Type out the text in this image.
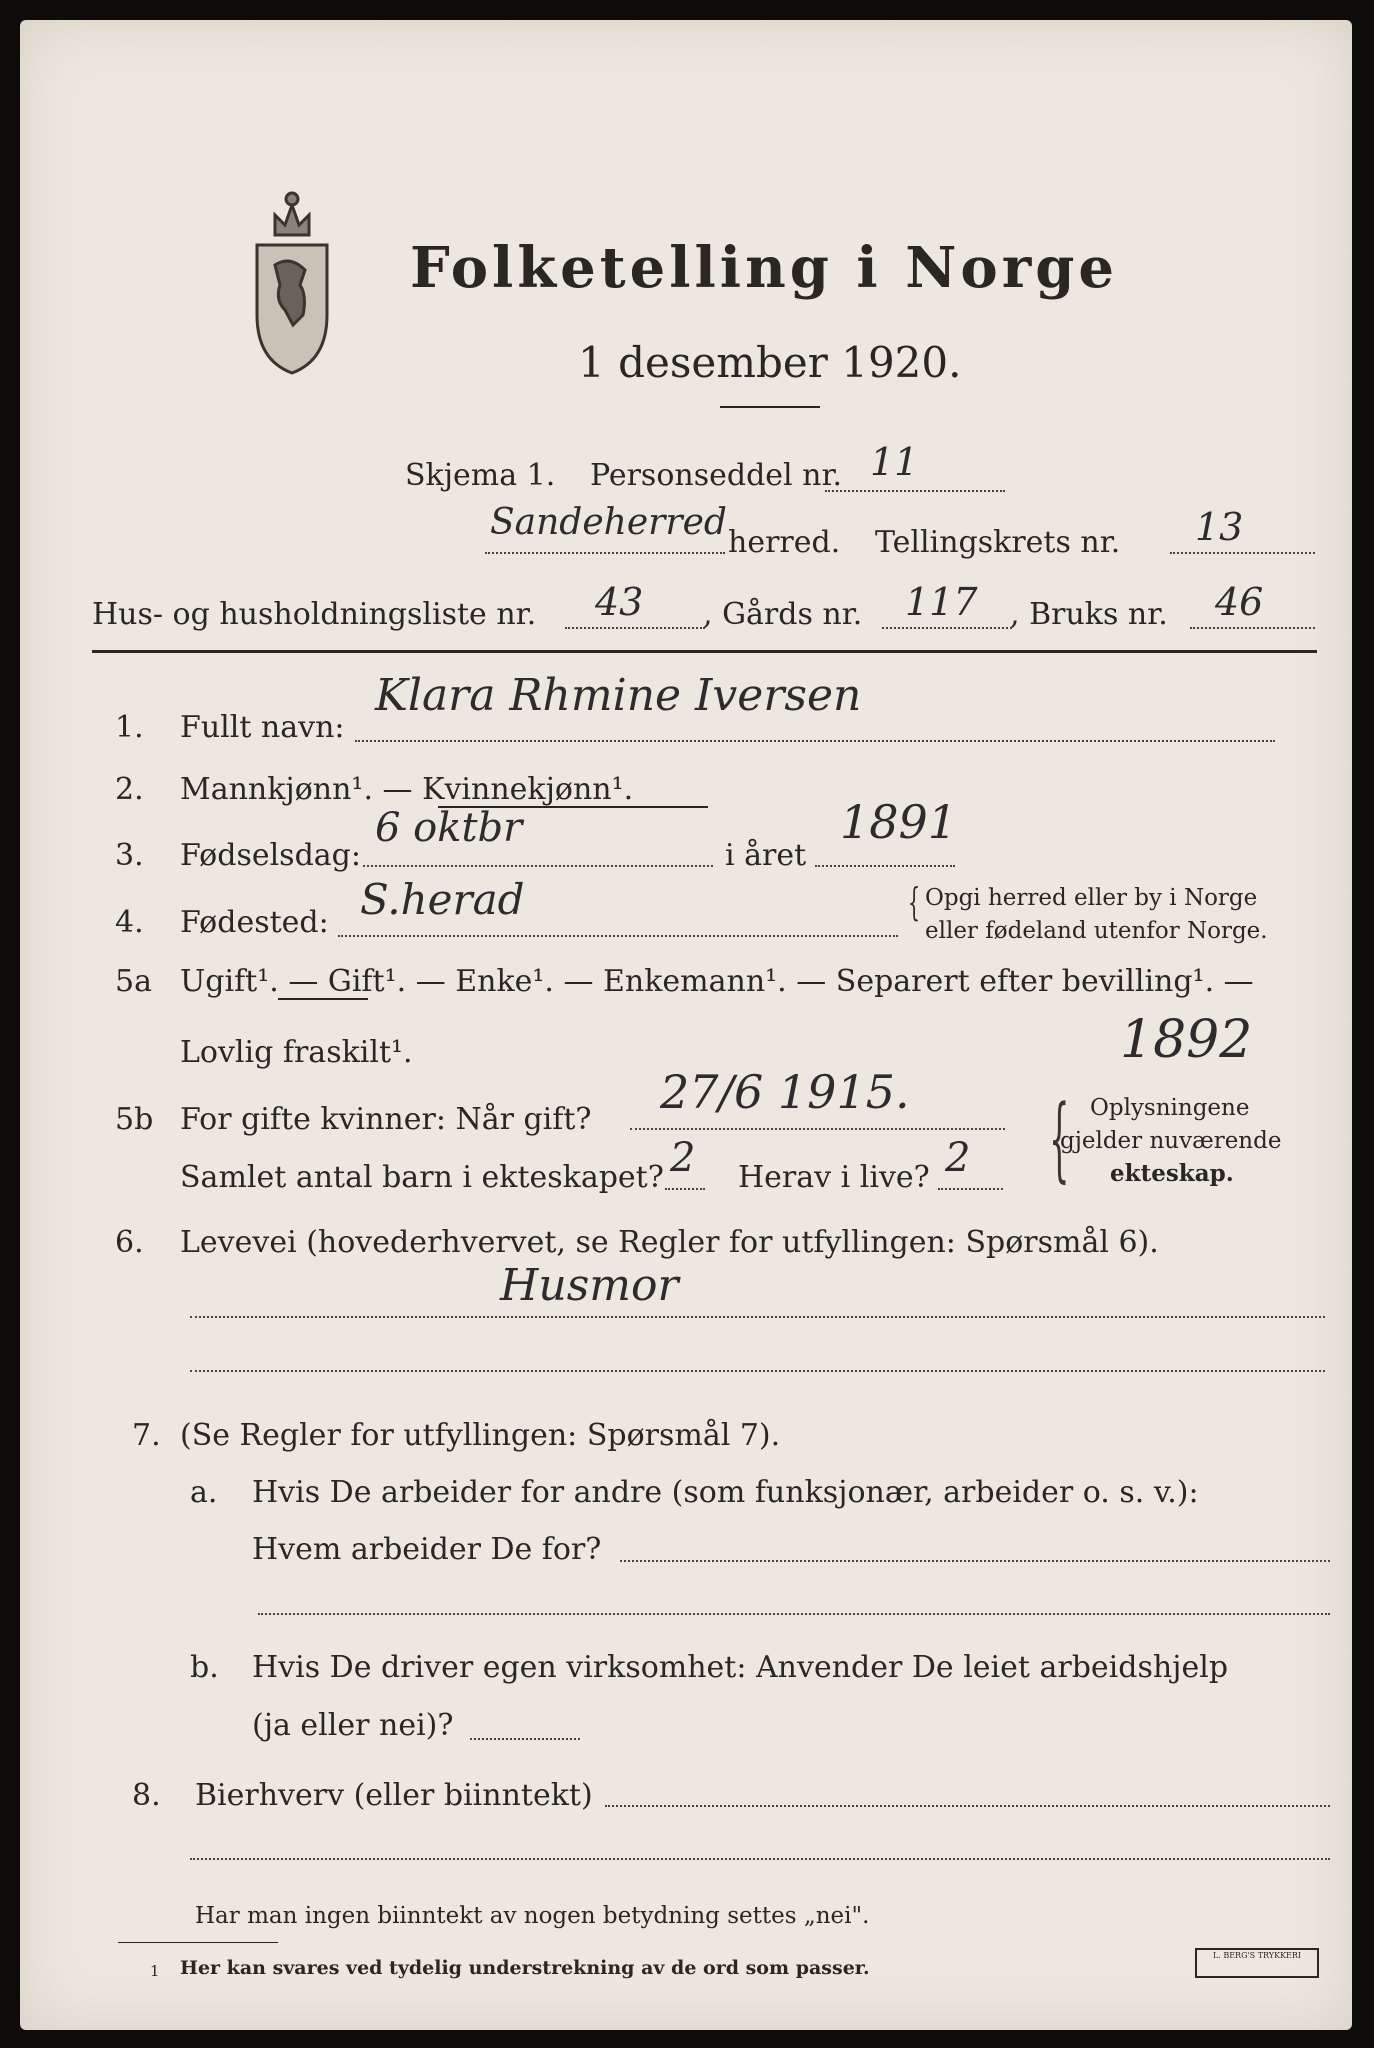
Folketelling i Norge
1 desember 1920.
Skjema 1. Personseddel nr. 11
Sandeherred herred. Tellingskrets nr. 13
Hus- og husholdningsliste nr. 43 , Gårds nr. 117 , Bruks nr. 46
1. Fullt navn:
Klara Rhmine Iversen
2. Mannkjønn¹. — Kvinnekjønn¹.
3. Fødselsdag:
6 oktbr
i året
1891
4. Fødested: S.herad	{ Opgi herred eller by i Norge
eller fødeland utenfor Norge.
5a Ugift¹. — Gift¹. — Enke¹. — Enkemann¹. — Separert efter bevilling¹. —
Lovlig fraskilt¹.	1892
5b For gifte kvinner: Når gift?
27/6 1915.
Samlet antal barn i ekteskapet? 2 Herav i live? 2 { Oplysningene
gjelder nuværende
ekteskap.
6. Levevei (hovederhvervet, se Regler for utfyllingen: Spørsmål 6).
Husmor
7. (Se Regler for utfyllingen: Spørsmål 7).
a. Hvis De arbeider for andre (som funksjonær, arbeider o. s. v.):
Hvem arbeider De for?
b. Hvis De driver egen virksomhet: Anvender De leiet arbeidshjelp
(ja eller nei)?
8. Bierhverv (eller biinntekt)
Har man ingen biinntekt av nogen betydning settes „nei".
1 Her kan svares ved tydelig understrekning av de ord som passer.
L. BERG'S TRYKKERI
